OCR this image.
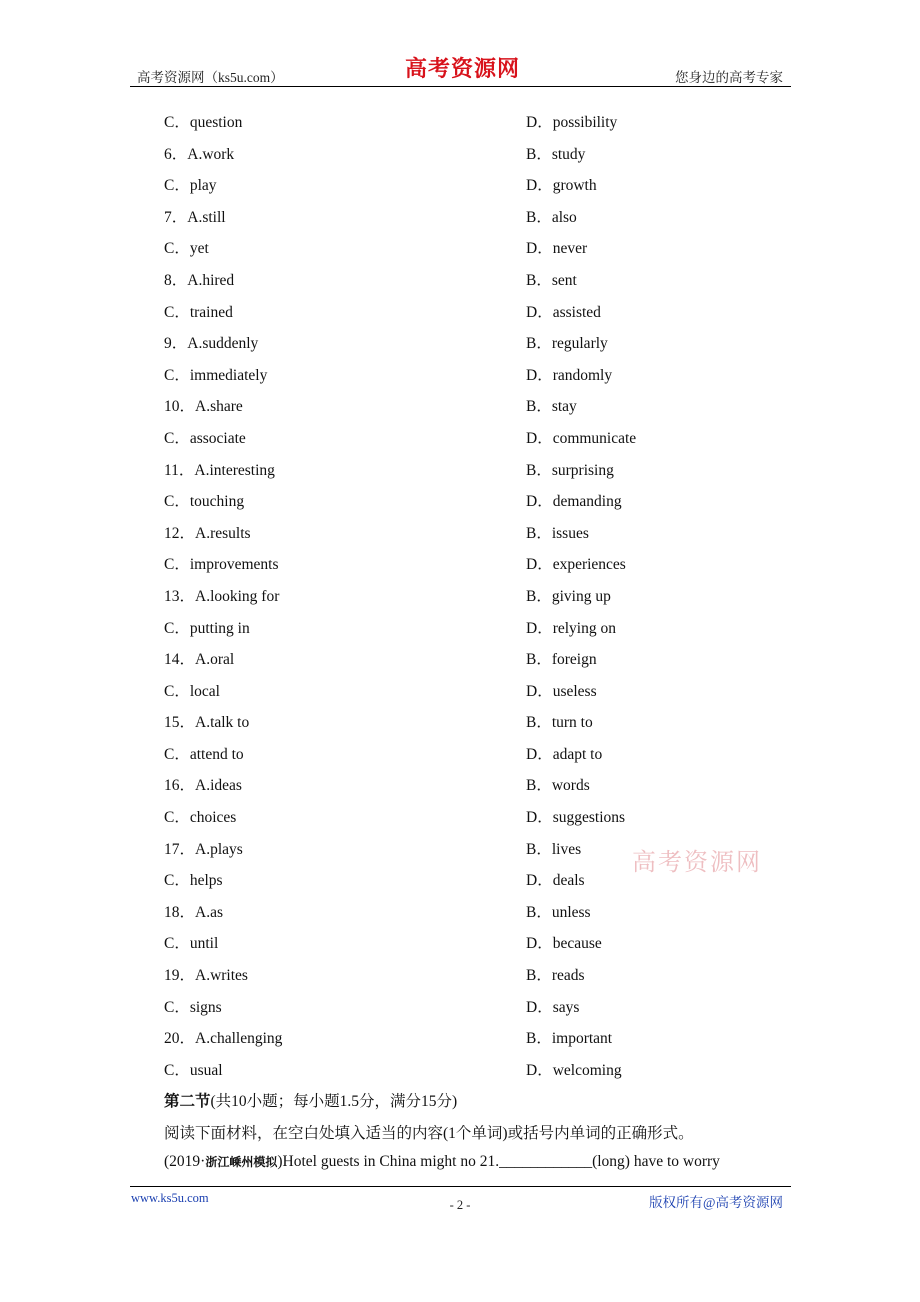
高考资源网（ks5u.com）	高考资源网	您身边的高考专家
C．question	D．possibility
6．A.work	B．study
C．play	D．growth
7．A.still	B．also
C．yet	D．never
8．A.hired	B．sent
C．trained	D．assisted
9．A.suddenly	B．regularly
C．immediately	D．randomly
10．A.share	B．stay
C．associate	D．communicate
11．A.interesting	B．surprising
C．touching	D．demanding
12．A.results	B．issues
C．improvements	D．experiences
13．A.looking for	B．giving up
C．putting in	D．relying on
14．A.oral	B．foreign
C．local	D．useless
15．A.talk to	B．turn to
C．attend to	D．adapt to
16．A.ideas	B．words
C．choices	D．suggestions
17．A.plays	B．lives
C．helps	D．deals
18．A.as	B．unless
C．until	D．because
19．A.writes	B．reads
C．signs	D．says
20．A.challenging	B．important
C．usual	D．welcoming
高考资源网
第二节(共10小题；每小题1.5分，满分15分)
阅读下面材料，在空白处填入适当的内容(1个单词)或括号内单词的正确形式。
(2019·浙江嵊州模拟)Hotel guests in China might no 21.____________(long) have to worry
www.ks5u.com	- 2 -	版权所有@高考资源网
